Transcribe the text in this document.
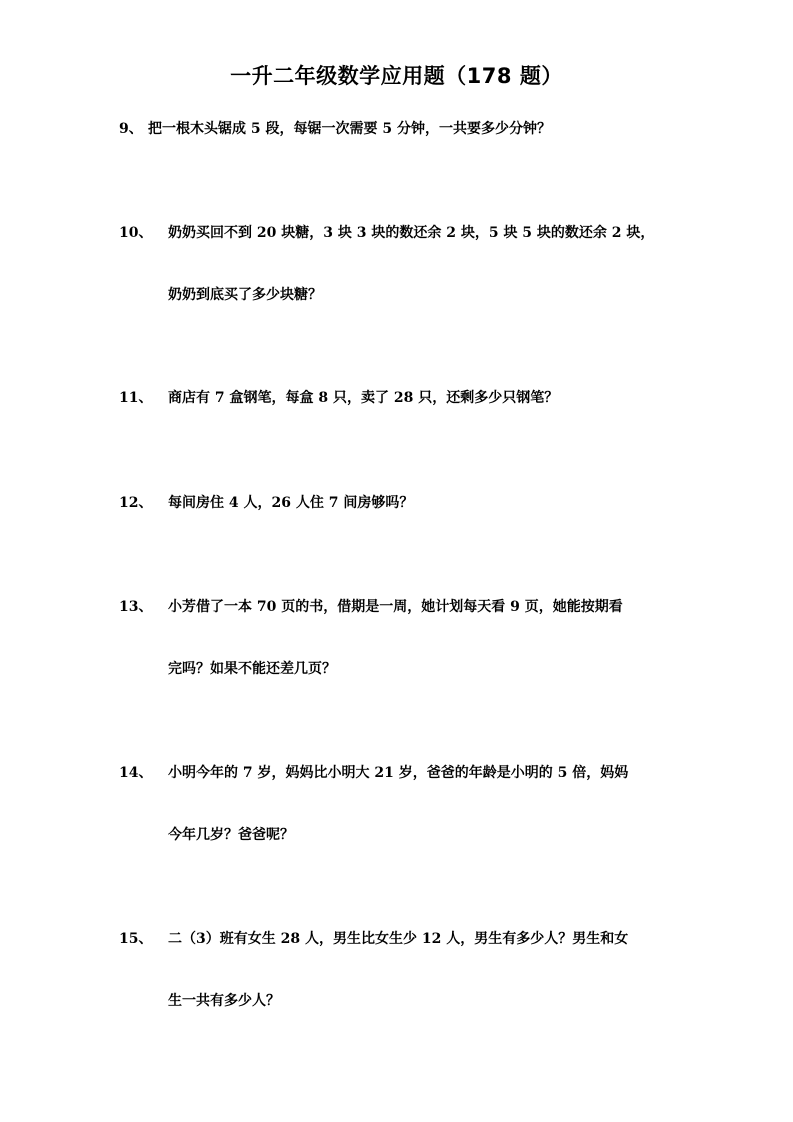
一升二年级数学应用题（178 题）
9、 把一根木头锯成 5 段，每锯一次需要 5 分钟，一共要多少分钟？
10、 奶奶买回不到 20 块糖，3 块 3 块的数还余 2 块，5 块 5 块的数还余 2 块，
奶奶到底买了多少块糖？
11、 商店有 7 盒钢笔，每盒 8 只，卖了 28 只，还剩多少只钢笔？
12、 每间房住 4 人，26 人住 7 间房够吗？
13、 小芳借了一本 70 页的书，借期是一周，她计划每天看 9 页，她能按期看
完吗？如果不能还差几页？
14、 小明今年的 7 岁，妈妈比小明大 21 岁，爸爸的年龄是小明的 5 倍，妈妈
今年几岁？爸爸呢？
15、 二（3）班有女生 28 人，男生比女生少 12 人，男生有多少人？男生和女
生一共有多少人？
